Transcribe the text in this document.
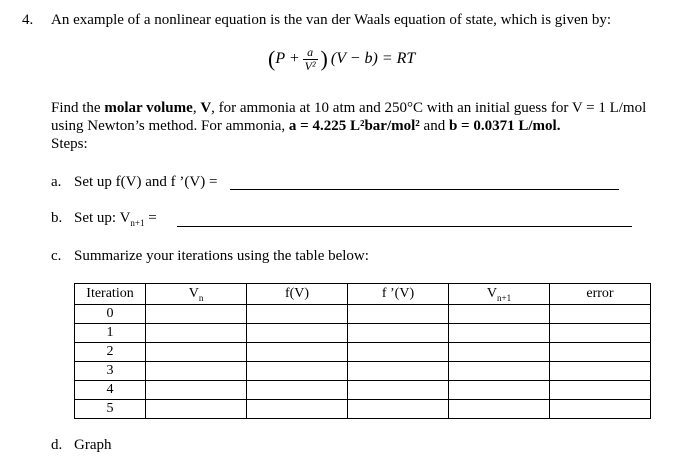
4. An example of a nonlinear equation is the van der Waals equation of state, which is given by:
( $P + \frac{a}{\text{V²}}$ ) (V − b) = RT
Find the molar volume, V, for ammonia at 10 atm and 250°C with an initial guess for V = 1 L/mol using Newton’s method. For ammonia, a = 4.225 L²bar/mol² and b = 0.0371 L/mol.
Steps:
a. Set up f(V) and f ’(V) =
b. Set up: $V_{n+1}$ =
c. Summarize your iterations using the table below:
Iteration	$V_n$	f(V)	f ’(V)	$V_{n+1}$	error
0					
1					
2					
3					
4					
5					
d. Graph
